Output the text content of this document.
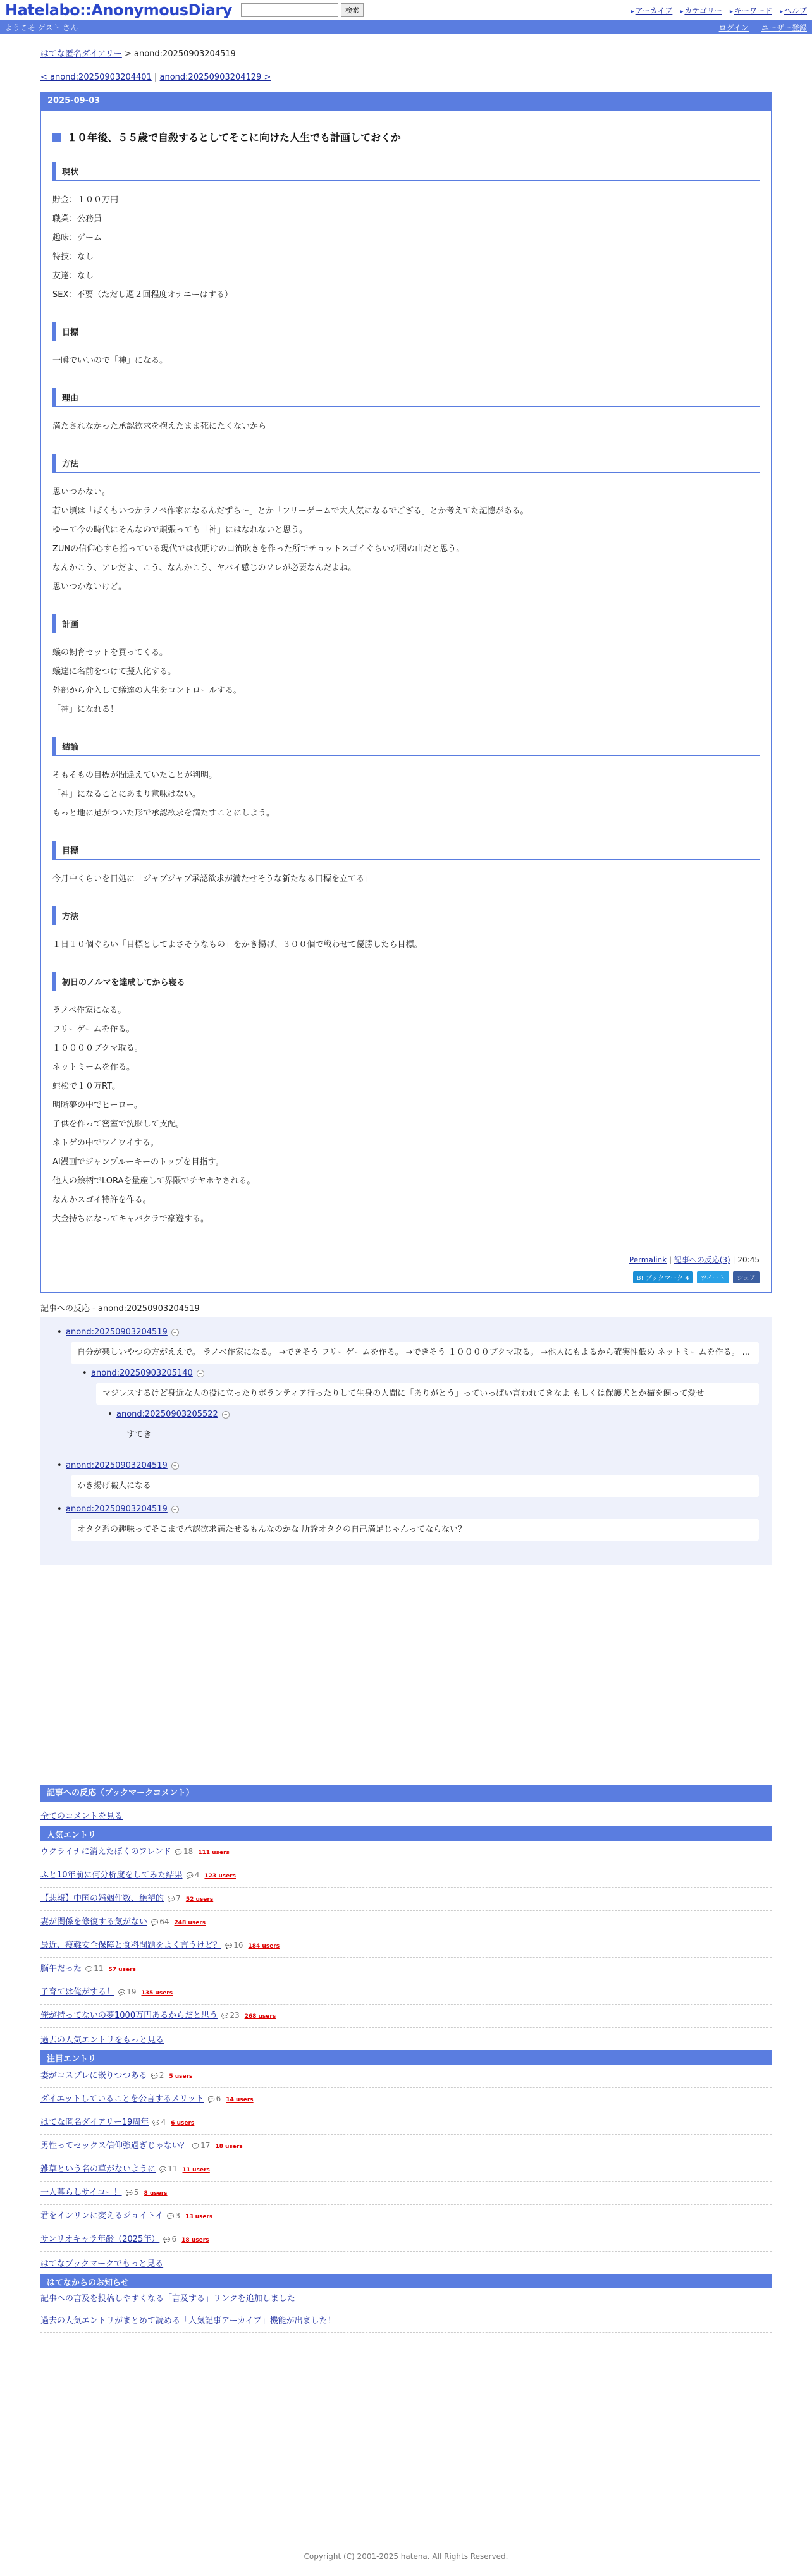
Hatelabo::AnonymousDiary	検索	▸ アーカイブ	▸ カテゴリー	▸ キーワード	▸ ヘルプ
ようこそ ゲスト さん	ログイン ユーザー登録
はてな匿名ダイアリー > anond:20250903204519
< anond:20250903204401 | anond:20250903204129 >
2025-09-03
１０年後、５５歳で自殺するとしてそこに向けた人生でも計画しておくか
現状
貯金：１００万円
職業：公務員
趣味：ゲーム
特技：なし
友達：なし
SEX：不要（ただし週２回程度オナニーはする）
目標
一瞬でいいので「神」になる。
理由
満たされなかった承認欲求を抱えたまま死にたくないから
方法
思いつかない。
若い頃は「ぼくもいつかラノベ作家になるんだずら～」とか「フリーゲームで大人気になるでござる」とか考えてた記憶がある。
ゆーて今の時代にそんなので頑張っても「神」にはなれないと思う。
ZUNの信仰心すら揺っている現代では夜明けの口笛吹きを作った所でチョットスゴイぐらいが関の山だと思う。
なんかこう、アレだよ、こう、なんかこう、ヤバイ感じのソレが必要なんだよね。
思いつかないけど。
計画
蟻の飼育セットを買ってくる。
蟻達に名前をつけて擬人化する。
外部から介入して蟻達の人生をコントロールする。
「神」になれる！
結論
そもそもの目標が間違えていたことが判明。
「神」になることにあまり意味はない。
もっと地に足がついた形で承認欲求を満たすことにしよう。
目標
今月中くらいを目処に「ジャブジャブ承認欲求が満たせそうな新たなる目標を立てる」
方法
１日１０個ぐらい「目標としてよさそうなもの」をかき揚げ、３００個で戦わせて優勝したら目標。
初日のノルマを達成してから寝る
ラノベ作家になる。
フリーゲームを作る。
１００００ブクマ取る。
ネットミームを作る。
蛙松で１０万RT。
明晰夢の中でヒーロー。
子供を作って密室で洗脳して支配。
ネトゲの中でワイワイする。
AI漫画でジャンプルーキーのトップを目指す。
他人の絵柄でLORAを量産して界隈でチヤホヤされる。
なんかスゴイ特許を作る。
大金持ちになってキャバクラで豪遊する。
Permalink | 記事への反応(3) | 20:45
B! ブックマーク 4	ツイート	シェア
記事への反応 - anond:20250903204519
• anond:20250903204519 −
自分が楽しいやつの方がええで。 ラノベ作家になる。 →できそう フリーゲームを作る。 →できそう １００００ブクマ取る。 →他人にもよるから確実性低め ネットミームを作る。 ...
• anond:20250903205140 −
マジレスするけど身近な人の役に立ったりボランティア行ったりして生身の人間に「ありがとう」っていっぱい言われてきなよ もしくは保護犬とか猫を飼って愛せ
• anond:20250903205522 −
すてき
• anond:20250903204519 −
かき揚げ職人になる
• anond:20250903204519 −
オタク系の趣味ってそこまで承認欲求満たせるもんなのかな 所詮オタクの自己満足じゃんってならない？
記事への反応（ブックマークコメント）
全てのコメントを見る
人気エントリ
ウクライナに消えたぼくのフレンド 💬 18 111 users
ふと10年前に何分析度をしてみた結果 💬 4 123 users
【悲報】中国の婚姻件数、絶望的 💬 7 52 users
妻が関係を修復する気がない 💬 64 248 users
最近、痩難安全保障と食料問題をよく言うけど？ 💬 16 184 users
脳午だった 💬 11 57 users
子育ては俺がする！ 💬 19 135 users
俺が持ってないの夢1000万円あるからだと思う 💬 23 268 users
過去の人気エントリをもっと見る
注目エントリ
妻がコスプレに嵌りつつある 💬 2 5 users
ダイエットしていることを公言するメリット 💬 6 14 users
はてな匿名ダイアリー19周年 💬 4 6 users
男性ってセックス信仰強過ぎじゃない？ 💬 17 18 users
雑草という名の草がないように 💬 11 11 users
一人暮らしサイコー！ 💬 5 8 users
君をインリンに変えるジョイトイ 💬 3 13 users
サンリオキャラ年齢（2025年） 💬 6 18 users
はてなブックマークでもっと見る
はてなからのお知らせ
記事への言及を投稿しやすくなる「言及する」リンクを追加しました
過去の人気エントリがまとめて読める「人気記事アーカイブ」機能が出ました！
Copyright (C) 2001-2025 hatena. All Rights Reserved.
